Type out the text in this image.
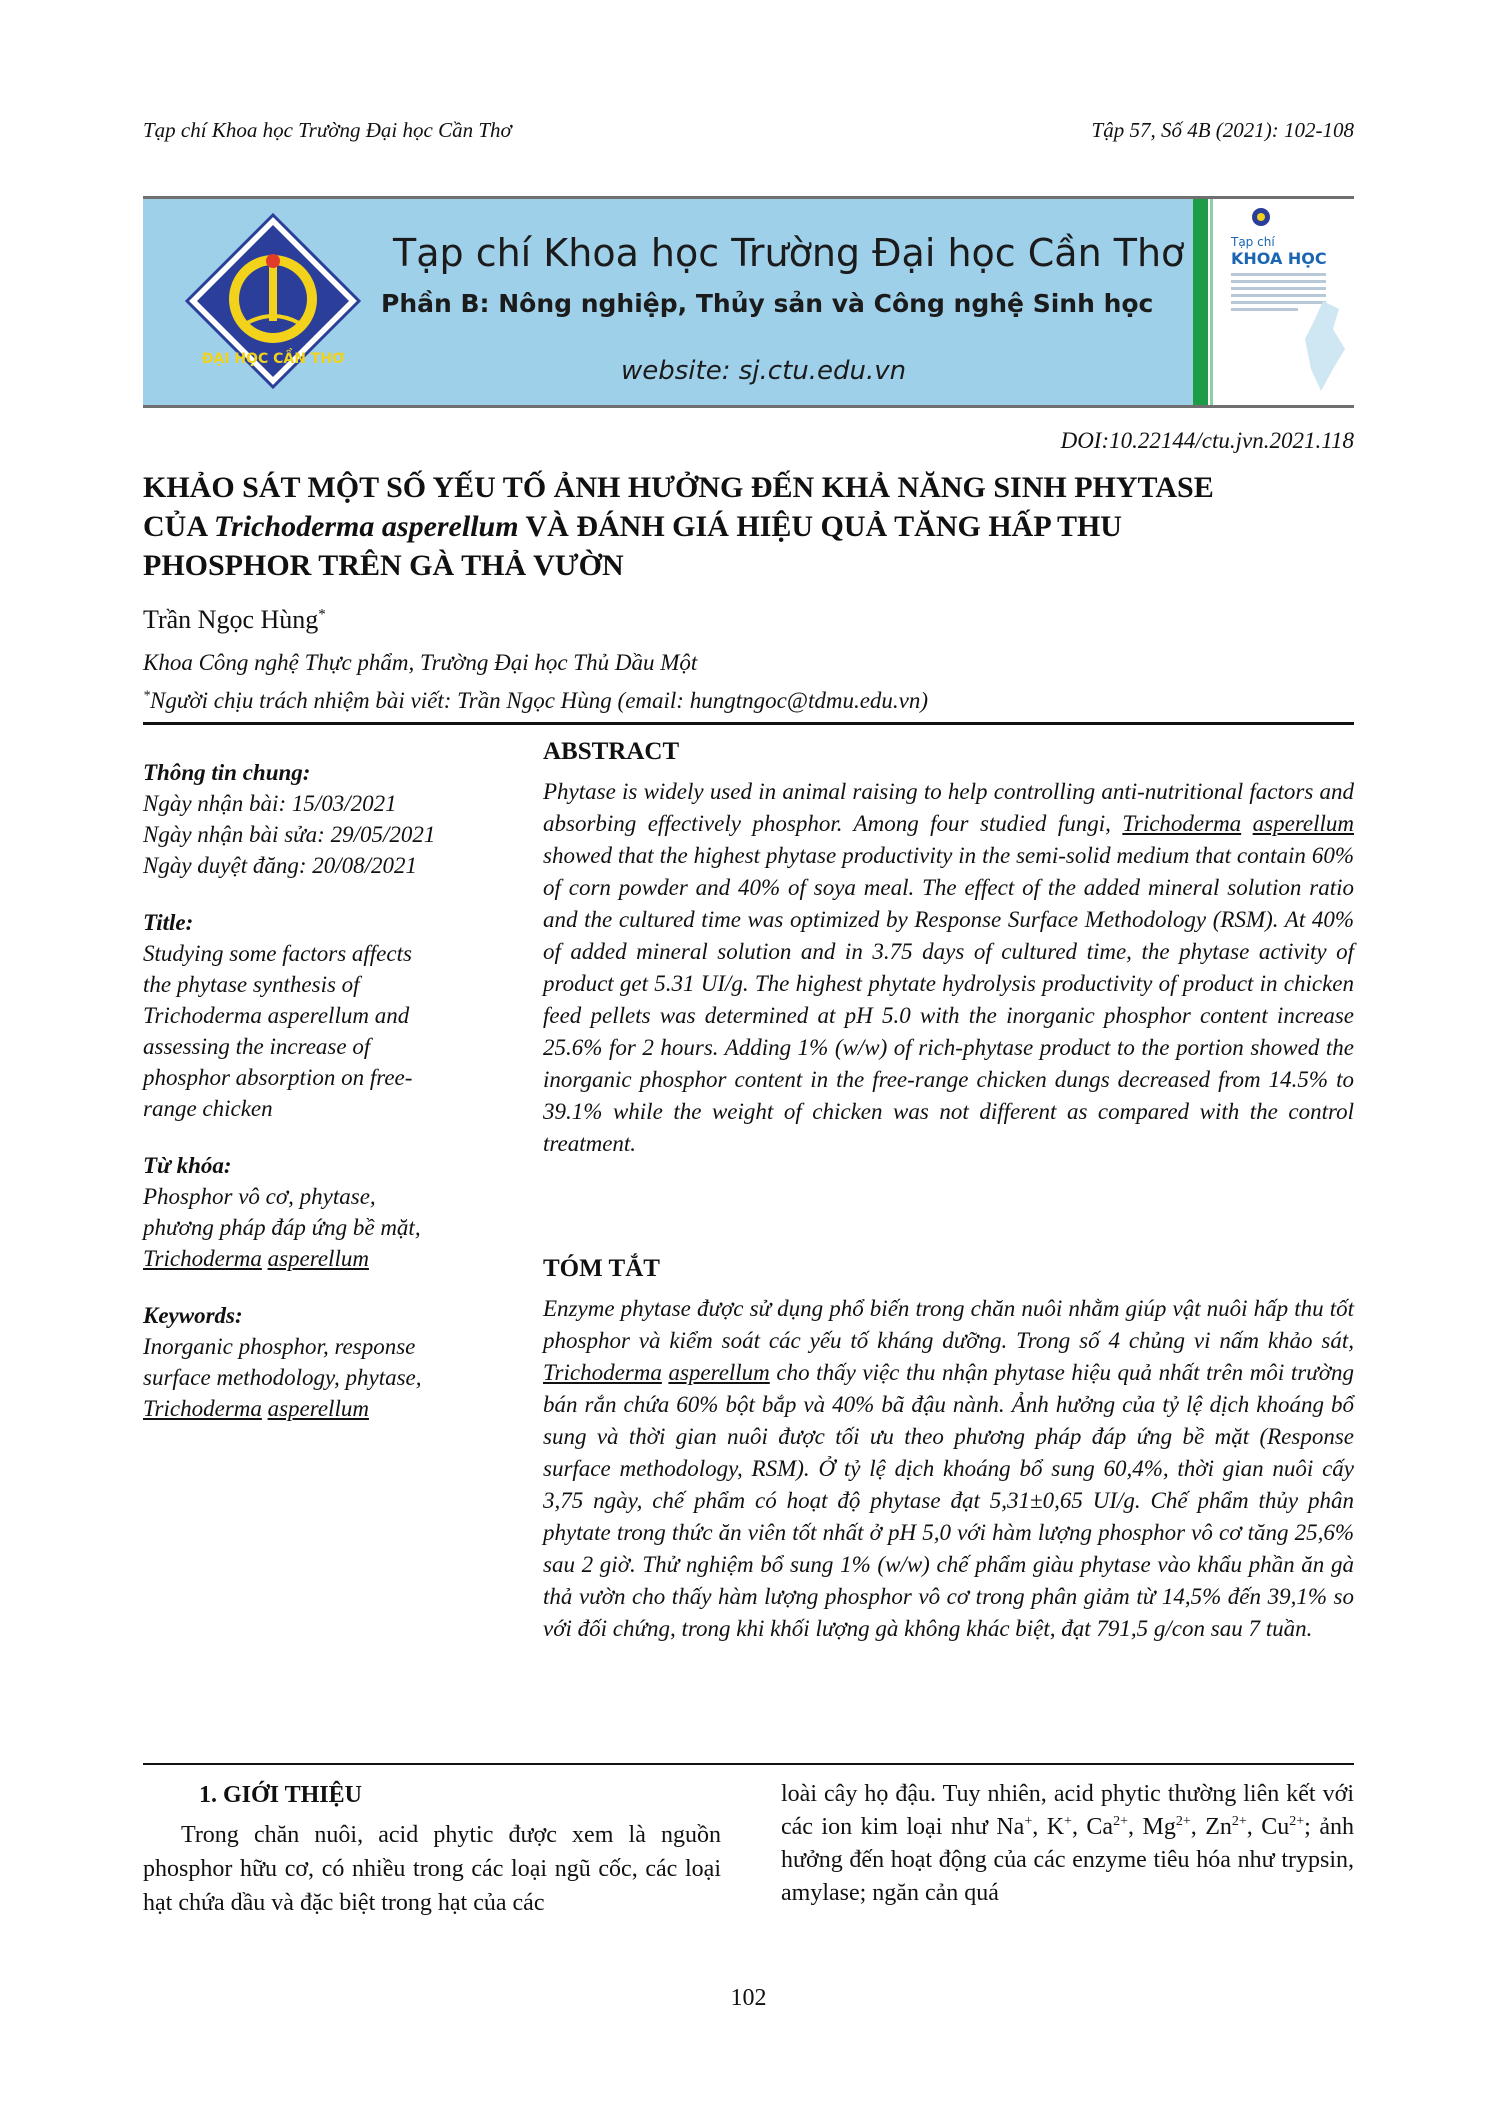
Tạp chí Khoa học Trường Đại học Cần Thơ	Tập 57, Số 4B (2021): 102-108
ĐẠI HỌC CẦN THƠ
Tạp chí Khoa học Trường Đại học Cần Thơ
Phần B: Nông nghiệp, Thủy sản và Công nghệ Sinh học
website: sj.ctu.edu.vn
Tạp chí
KHOA HỌC
DOI:10.22144/ctu.jvn.2021.118

KHẢO SÁT MỘT SỐ YẾU TỐ ẢNH HƯỞNG ĐẾN KHẢ NĂNG SINH PHYTASE

CỦA Trichoderma asperellum VÀ ĐÁNH GIÁ HIỆU QUẢ TĂNG HẤP THU

PHOSPHOR TRÊN GÀ THẢ VƯỜN

Trần Ngọc Hùng*
Khoa Công nghệ Thực phẩm, Trường Đại học Thủ Dầu Một
*Người chịu trách nhiệm bài viết: Trần Ngọc Hùng (email: hungtngoc@tdmu.edu.vn)
Thông tin chung:
Ngày nhận bài: 15/03/2021
Ngày nhận bài sửa: 29/05/2021
Ngày duyệt đăng: 20/08/2021
Title:
Studying some factors affects
the phytase synthesis of
Trichoderma asperellum and
assessing the increase of
phosphor absorption on free-
range chicken
Từ khóa:
Phosphor vô cơ, phytase,
phương pháp đáp ứng bề mặt,
Trichoderma asperellum
Keywords:
Inorganic phosphor, response
surface methodology, phytase,
Trichoderma asperellum
ABSTRACT

Phytase is widely used in animal raising to help controlling anti-nutritional factors and absorbing effectively phosphor. Among four studied fungi, Trichoderma asperellum showed that the highest phytase productivity in the semi-solid medium that contain 60% of corn powder and 40% of soya meal. The effect of the added mineral solution ratio and the cultured time was optimized by Response Surface Methodology (RSM). At 40% of added mineral solution and in 3.75 days of cultured time, the phytase activity of product get 5.31 UI/g. The highest phytate hydrolysis productivity of product in chicken feed pellets was determined at pH 5.0 with the inorganic phosphor content increase 25.6% for 2 hours. Adding 1% (w/w) of rich-phytase product to the portion showed the inorganic phosphor content in the free-range chicken dungs decreased from 14.5% to 39.1% while the weight of chicken was not different as compared with the control treatment.

TÓM TẮT

Enzyme phytase được sử dụng phổ biến trong chăn nuôi nhằm giúp vật nuôi hấp thu tốt phosphor và kiểm soát các yếu tố kháng dưỡng. Trong số 4 chủng vi nấm khảo sát, Trichoderma asperellum cho thấy việc thu nhận phytase hiệu quả nhất trên môi trường bán rắn chứa 60% bột bắp và 40% bã đậu nành. Ảnh hưởng của tỷ lệ dịch khoáng bổ sung và thời gian nuôi được tối ưu theo phương pháp đáp ứng bề mặt (Response surface methodology, RSM). Ở tỷ lệ dịch khoáng bổ sung 60,4%, thời gian nuôi cấy 3,75 ngày, chế phẩm có hoạt độ phytase đạt 5,31±0,65 UI/g. Chế phẩm thủy phân phytate trong thức ăn viên tốt nhất ở pH 5,0 với hàm lượng phosphor vô cơ tăng 25,6% sau 2 giờ. Thử nghiệm bổ sung 1% (w/w) chế phẩm giàu phytase vào khẩu phần ăn gà thả vườn cho thấy hàm lượng phosphor vô cơ trong phân giảm từ 14,5% đến 39,1% so với đối chứng, trong khi khối lượng gà không khác biệt, đạt 791,5 g/con sau 7 tuần.

1. GIỚI THIỆU

Trong chăn nuôi, acid phytic được xem là nguồn phosphor hữu cơ, có nhiều trong các loại ngũ cốc, các loại hạt chứa dầu và đặc biệt trong hạt của các

loài cây họ đậu. Tuy nhiên, acid phytic thường liên kết với các ion kim loại như Na+, K+, $Ca^{2+}$, $Mg^{2+}$, $Zn^{2+}$, $Cu^{2+}$; ảnh hưởng đến hoạt động của các enzyme tiêu hóa như trypsin, amylase; ngăn cản quá

102
